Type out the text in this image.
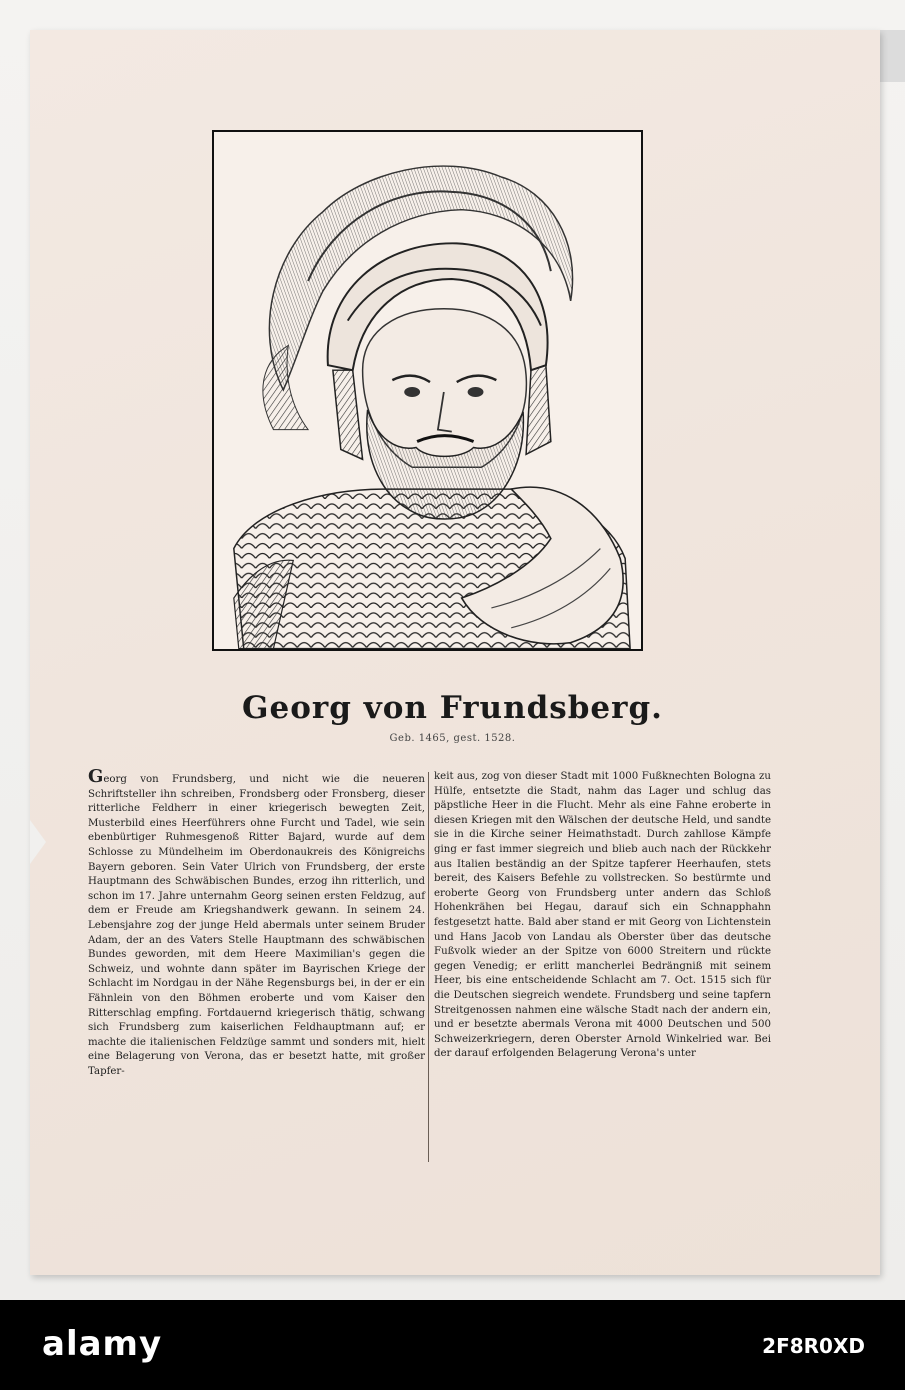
Georg von Frundsberg.
Geb. 1465, gest. 1528.
Georg von Frundsberg, und nicht wie die neueren Schriftsteller ihn schreiben, Frondsberg oder Fronsberg, dieser ritterliche Feldherr in einer kriegerisch bewegten Zeit, Musterbild eines Heerführers ohne Furcht und Tadel, wie sein ebenbürtiger Ruhmesgenoß Ritter Bajard, wurde auf dem Schlosse zu Mündelheim im Oberdonaukreis des Königreichs Bayern geboren. Sein Vater Ulrich von Frundsberg, der erste Hauptmann des Schwäbischen Bundes, erzog ihn ritterlich, und schon im 17. Jahre unternahm Georg seinen ersten Feldzug, auf dem er Freude am Kriegshandwerk gewann. In seinem 24. Lebensjahre zog der junge Held abermals unter seinem Bruder Adam, der an des Vaters Stelle Hauptmann des schwäbischen Bundes geworden, mit dem Heere Maximilian's gegen die Schweiz, und wohnte dann später im Bayrischen Kriege der Schlacht im Nordgau in der Nähe Regensburgs bei, in der er ein Fähnlein von den Böhmen eroberte und vom Kaiser den Ritterschlag empfing. Fortdauernd kriegerisch thätig, schwang sich Frundsberg zum kaiserlichen Feldhauptmann auf; er machte die italienischen Feldzüge sammt und sonders mit, hielt eine Belagerung von Verona, das er besetzt hatte, mit großer Tapfer-
keit aus, zog von dieser Stadt mit 1000 Fußknechten Bologna zu Hülfe, entsetzte die Stadt, nahm das Lager und schlug das päpstliche Heer in die Flucht. Mehr als eine Fahne eroberte in diesen Kriegen mit den Wälschen der deutsche Held, und sandte sie in die Kirche seiner Heimathstadt. Durch zahllose Kämpfe ging er fast immer siegreich und blieb auch nach der Rückkehr aus Italien beständig an der Spitze tapferer Heerhaufen, stets bereit, des Kaisers Befehle zu vollstrecken. So bestürmte und eroberte Georg von Frundsberg unter andern das Schloß Hohenkrähen bei Hegau, darauf sich ein Schnapphahn festgesetzt hatte. Bald aber stand er mit Georg von Lichtenstein und Hans Jacob von Landau als Oberster über das deutsche Fußvolk wieder an der Spitze von 6000 Streitern und rückte gegen Venedig; er erlitt mancherlei Bedrängniß mit seinem Heer, bis eine entscheidende Schlacht am 7. Oct. 1515 sich für die Deutschen siegreich wendete. Frundsberg und seine tapfern Streitgenossen nahmen eine wälsche Stadt nach der andern ein, und er besetzte abermals Verona mit 4000 Deutschen und 500 Schweizerkriegern, deren Oberster Arnold Winkelried war. Bei der darauf erfolgenden Belagerung Verona's unter
alamy	2F8R0XD
